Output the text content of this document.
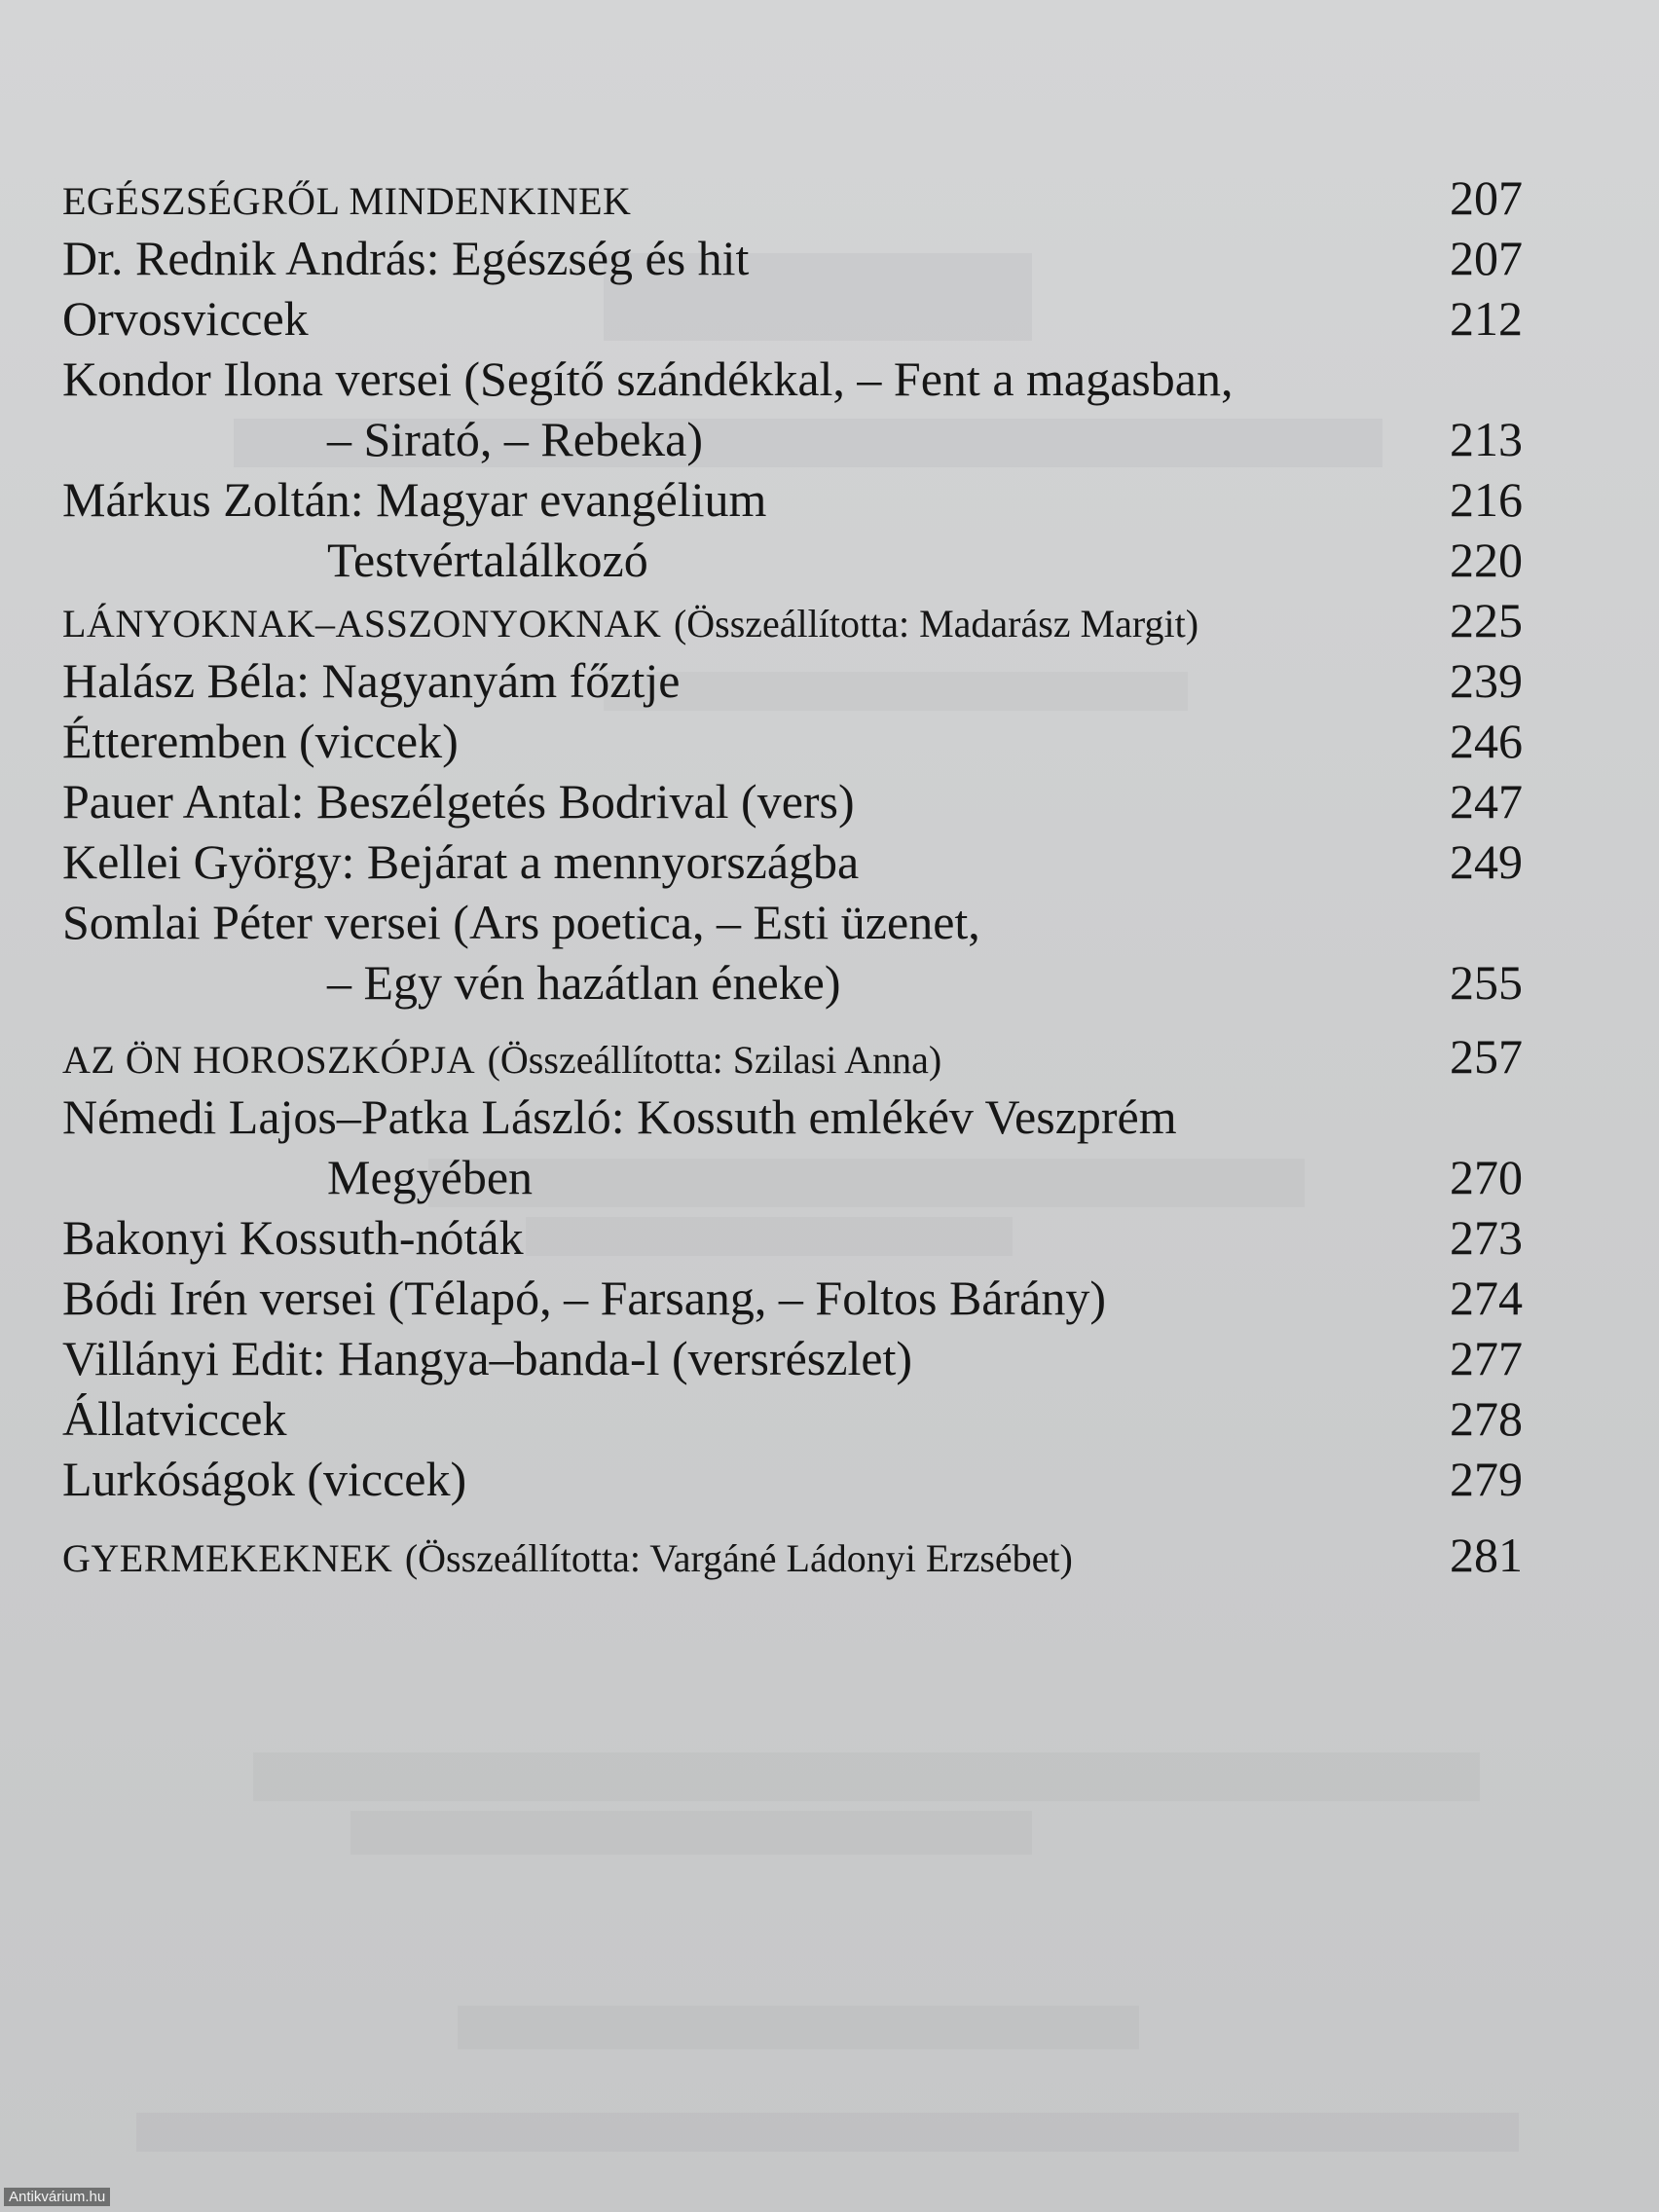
EGÉSZSÉGRŐL MINDENKINEK	207
Dr. Rednik András: Egészség és hit	207
Orvosviccek	212
Kondor Ilona versei (Segítő szándékkal, – Fent a magasban,
– Sirató, – Rebeka)	213
Márkus Zoltán: Magyar evangélium	216
Testvértalálkozó	220
LÁNYOKNAK–ASSZONYOKNAK (Összeállította: Madarász Margit)	225
Halász Béla: Nagyanyám főztje	239
Étteremben (viccek)	246
Pauer Antal: Beszélgetés Bodrival (vers)	247
Kellei György: Bejárat a mennyországba	249
Somlai Péter versei (Ars poetica, – Esti üzenet,
– Egy vén hazátlan éneke)	255
AZ ÖN HOROSZKÓPJA (Összeállította: Szilasi Anna)	257
Némedi Lajos–Patka László: Kossuth emlékév Veszprém
Megyében	270
Bakonyi Kossuth-nóták	273
Bódi Irén versei (Télapó, – Farsang, – Foltos Bárány)	274
Villányi Edit: Hangya–banda-l (versrészlet)	277
Állatviccek	278
Lurkóságok (viccek)	279
GYERMEKEKNEK (Összeállította: Vargáné Ládonyi Erzsébet)	281
Antikvárium.hu
